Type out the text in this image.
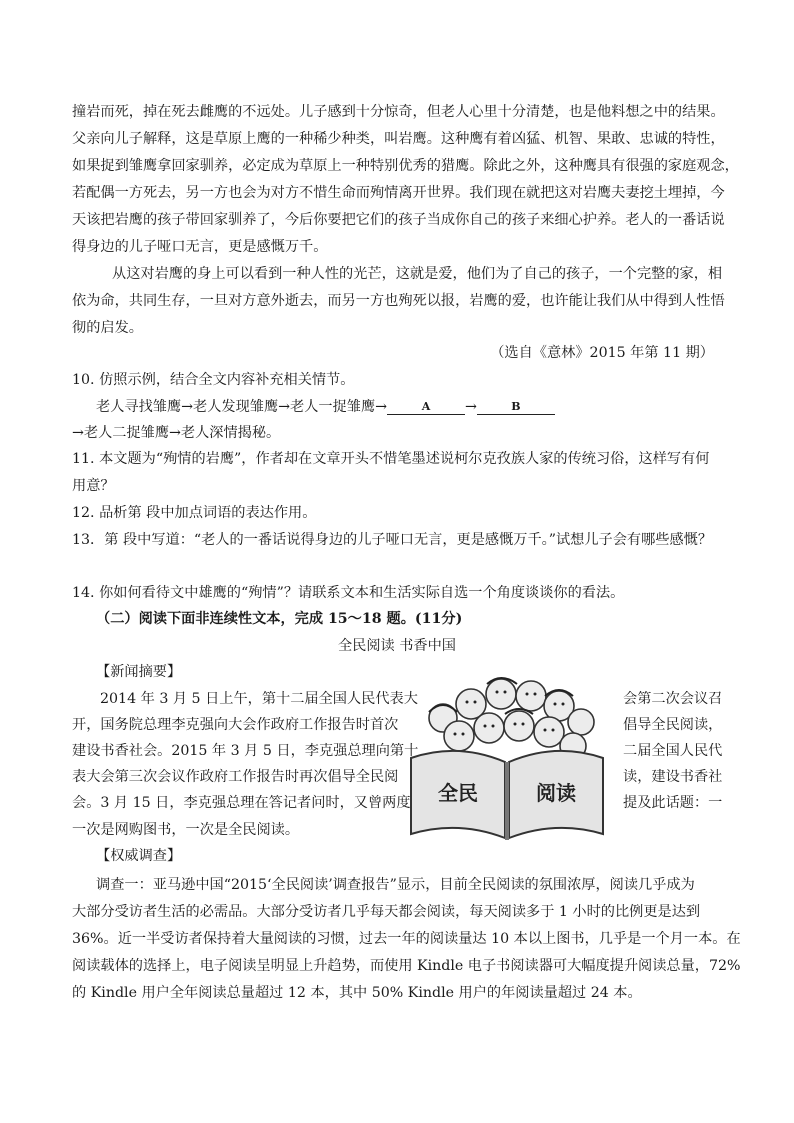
撞岩而死，掉在死去雌鹰的不远处。儿子感到十分惊奇，但老人心里十分清楚，也是他料想之中的结果。
父亲向儿子解释，这是草原上鹰的一种稀少种类，叫岩鹰。这种鹰有着凶猛、机智、果敢、忠诚的特性，
如果捉到雏鹰拿回家驯养，必定成为草原上一种特别优秀的猎鹰。除此之外，这种鹰具有很强的家庭观念，
若配偶一方死去，另一方也会为对方不惜生命而殉情离开世界。我们现在就把这对岩鹰夫妻挖土埋掉，今
天该把岩鹰的孩子带回家驯养了，今后你要把它们的孩子当成你自己的孩子来细心护养。老人的一番话说
得身边的儿子哑口无言，更是感慨万千。
从这对岩鹰的身上可以看到一种人性的光芒，这就是爱，他们为了自己的孩子，一个完整的家，相
依为命，共同生存，一旦对方意外逝去，而另一方也殉死以报，岩鹰的爱，也许能让我们从中得到人性悟
彻的启发。
（选自《意林》2015 年第 11 期）
10. 仿照示例，结合全文内容补充相关情节。
老人寻找雏鹰→老人发现雏鹰→老人一捉雏鹰→	A →	B
→老人二捉雏鹰→老人深情揭秘。
11. 本文题为“殉情的岩鹰”，作者却在文章开头不惜笔墨述说柯尔克孜族人家的传统习俗，这样写有何
用意？
12. 品析第 段中加点词语的表达作用。
13．第 段中写道：“老人的一番话说得身边的儿子哑口无言，更是感慨万千。”试想儿子会有哪些感慨？
14. 你如何看待文中雄鹰的“殉情”？请联系文本和生活实际自选一个角度谈谈你的看法。
（二）阅读下面非连续性文本，完成 15～18 题。(11分)
全民阅读 书香中国
【新闻摘要】
2014 年 3 月 5 日上午，第十二届全国人民代表大
开，国务院总理李克强向大会作政府工作报告时首次
建设书香社会。2015 年 3 月 5 日，李克强总理向第十
表大会第三次会议作政府工作报告时再次倡导全民阅
会。3 月 15 日，李克强总理在答记者问时，又曾两度
一次是网购图书，一次是全民阅读。
会第二次会议召
倡导全民阅读，
二届全国人民代
读，建设书香社
提及此话题：一
全民	阅读
【权威调查】
调查一：亚马逊中国“2015‘全民阅读’调查报告”显示，目前全民阅读的氛围浓厚，阅读几乎成为
大部分受访者生活的必需品。大部分受访者几乎每天都会阅读，每天阅读多于 1 小时的比例更是达到
36%。近一半受访者保持着大量阅读的习惯，过去一年的阅读量达 10 本以上图书，几乎是一个月一本。在
阅读载体的选择上，电子阅读呈明显上升趋势，而使用 Kindle 电子书阅读器可大幅度提升阅读总量，72%
的 Kindle 用户全年阅读总量超过 12 本，其中 50% Kindle 用户的年阅读量超过 24 本。
